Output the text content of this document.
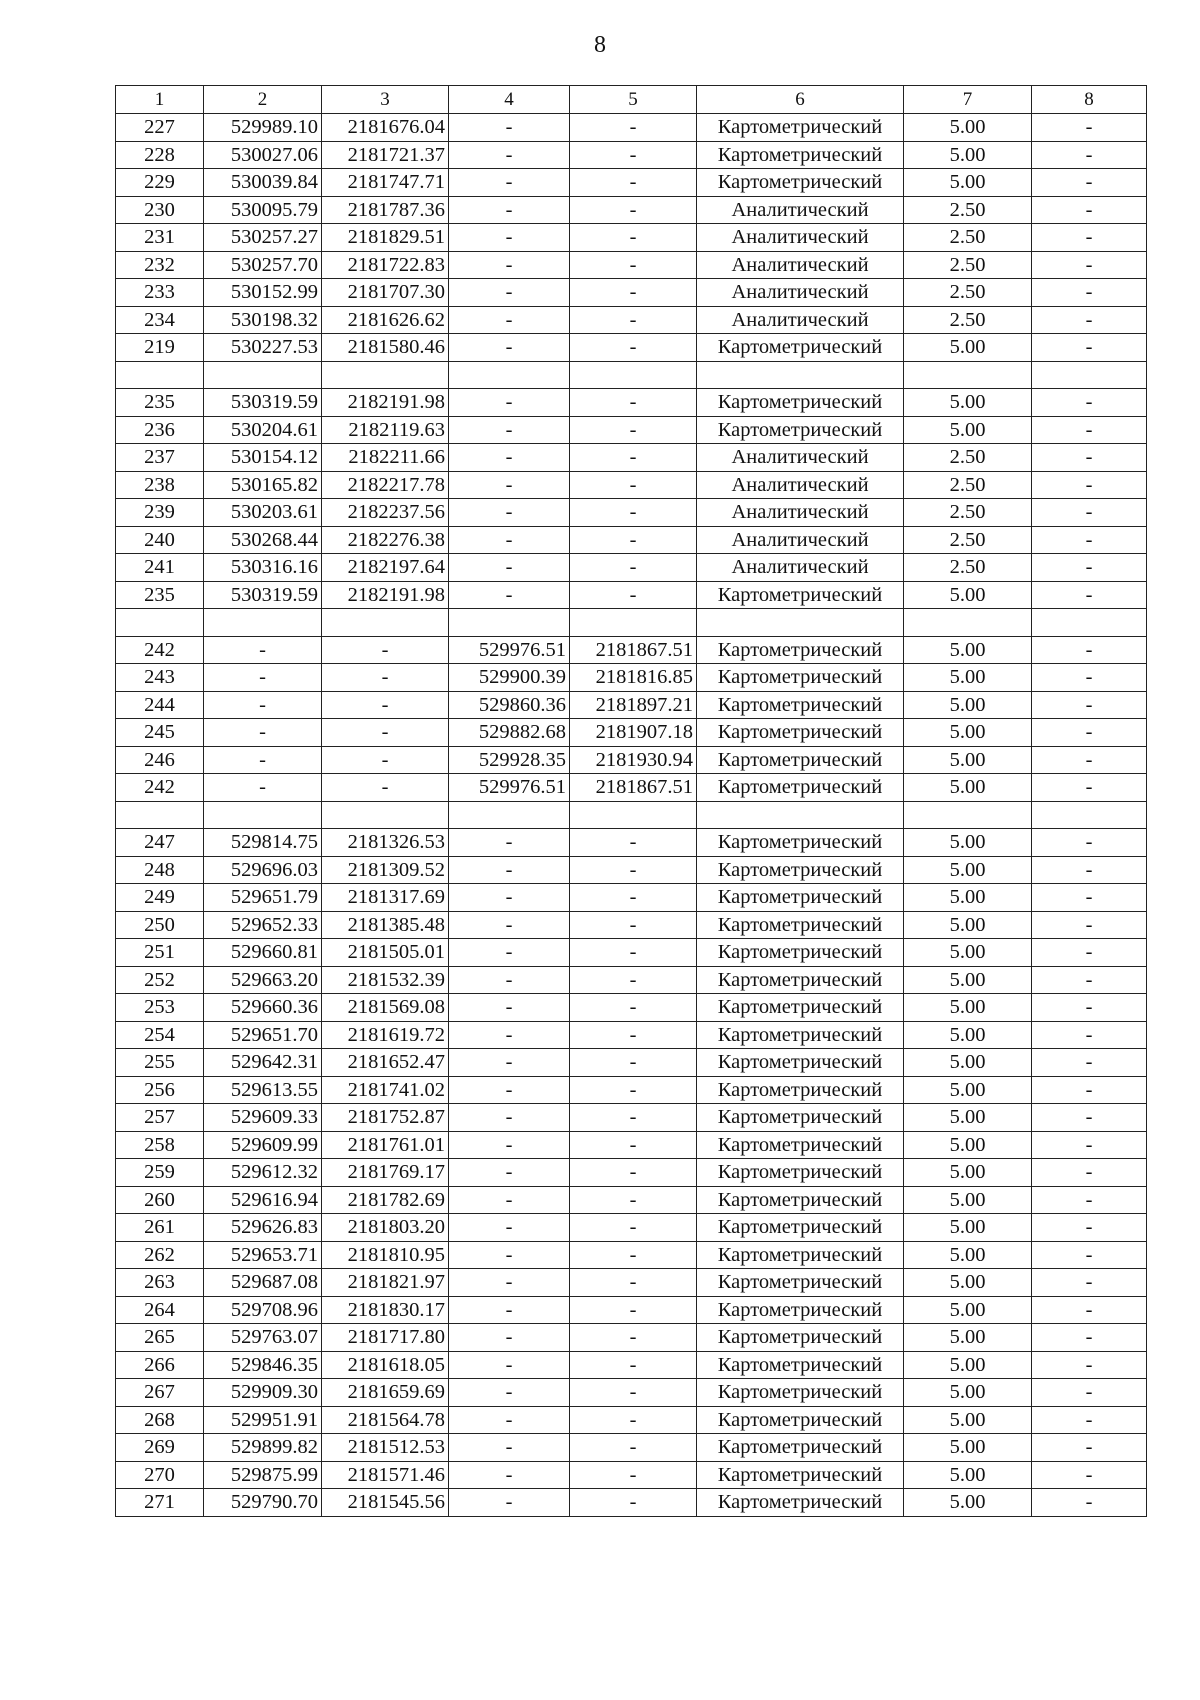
8
1	2	3	4	5	6	7	8
227	529989.10	2181676.04	-	-	Картометрический	5.00	-
228	530027.06	2181721.37	-	-	Картометрический	5.00	-
229	530039.84	2181747.71	-	-	Картометрический	5.00	-
230	530095.79	2181787.36	-	-	Аналитический	2.50	-
231	530257.27	2181829.51	-	-	Аналитический	2.50	-
232	530257.70	2181722.83	-	-	Аналитический	2.50	-
233	530152.99	2181707.30	-	-	Аналитический	2.50	-
234	530198.32	2181626.62	-	-	Аналитический	2.50	-
219	530227.53	2181580.46	-	-	Картометрический	5.00	-

235	530319.59	2182191.98	-	-	Картометрический	5.00	-
236	530204.61	2182119.63	-	-	Картометрический	5.00	-
237	530154.12	2182211.66	-	-	Аналитический	2.50	-
238	530165.82	2182217.78	-	-	Аналитический	2.50	-
239	530203.61	2182237.56	-	-	Аналитический	2.50	-
240	530268.44	2182276.38	-	-	Аналитический	2.50	-
241	530316.16	2182197.64	-	-	Аналитический	2.50	-
235	530319.59	2182191.98	-	-	Картометрический	5.00	-

242	-	-	529976.51	2181867.51	Картометрический	5.00	-
243	-	-	529900.39	2181816.85	Картометрический	5.00	-
244	-	-	529860.36	2181897.21	Картометрический	5.00	-
245	-	-	529882.68	2181907.18	Картометрический	5.00	-
246	-	-	529928.35	2181930.94	Картометрический	5.00	-
242	-	-	529976.51	2181867.51	Картометрический	5.00	-

247	529814.75	2181326.53	-	-	Картометрический	5.00	-
248	529696.03	2181309.52	-	-	Картометрический	5.00	-
249	529651.79	2181317.69	-	-	Картометрический	5.00	-
250	529652.33	2181385.48	-	-	Картометрический	5.00	-
251	529660.81	2181505.01	-	-	Картометрический	5.00	-
252	529663.20	2181532.39	-	-	Картометрический	5.00	-
253	529660.36	2181569.08	-	-	Картометрический	5.00	-
254	529651.70	2181619.72	-	-	Картометрический	5.00	-
255	529642.31	2181652.47	-	-	Картометрический	5.00	-
256	529613.55	2181741.02	-	-	Картометрический	5.00	-
257	529609.33	2181752.87	-	-	Картометрический	5.00	-
258	529609.99	2181761.01	-	-	Картометрический	5.00	-
259	529612.32	2181769.17	-	-	Картометрический	5.00	-
260	529616.94	2181782.69	-	-	Картометрический	5.00	-
261	529626.83	2181803.20	-	-	Картометрический	5.00	-
262	529653.71	2181810.95	-	-	Картометрический	5.00	-
263	529687.08	2181821.97	-	-	Картометрический	5.00	-
264	529708.96	2181830.17	-	-	Картометрический	5.00	-
265	529763.07	2181717.80	-	-	Картометрический	5.00	-
266	529846.35	2181618.05	-	-	Картометрический	5.00	-
267	529909.30	2181659.69	-	-	Картометрический	5.00	-
268	529951.91	2181564.78	-	-	Картометрический	5.00	-
269	529899.82	2181512.53	-	-	Картометрический	5.00	-
270	529875.99	2181571.46	-	-	Картометрический	5.00	-
271	529790.70	2181545.56	-	-	Картометрический	5.00	-
